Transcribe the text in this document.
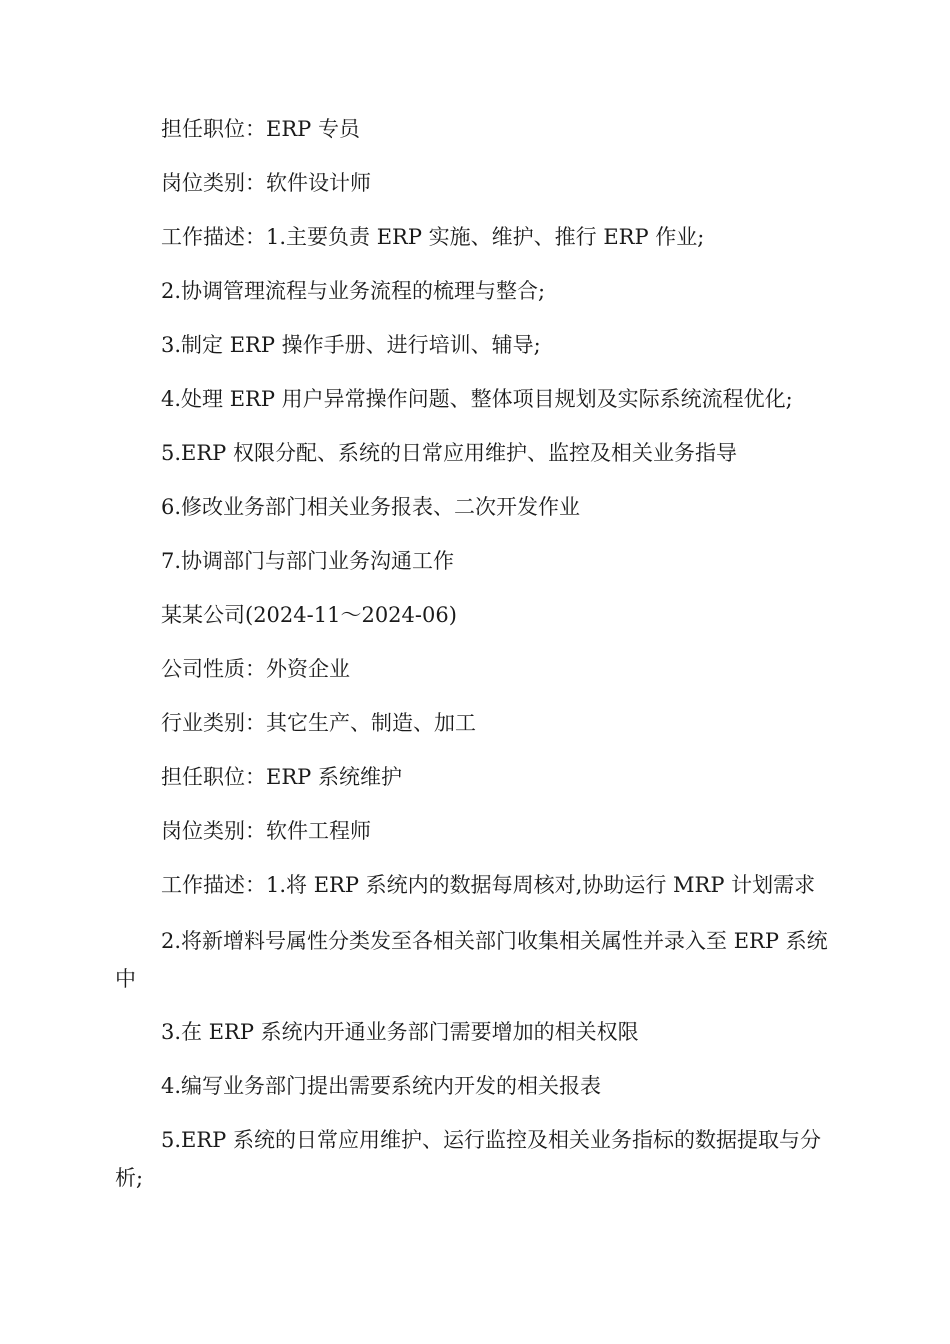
担任职位：ERP 专员

岗位类别：软件设计师

工作描述：1.主要负责 ERP 实施、维护、推行 ERP 作业;

2.协调管理流程与业务流程的梳理与整合;

3.制定 ERP 操作手册、进行培训、辅导;

4.处理 ERP 用户异常操作问题、整体项目规划及实际系统流程优化;

5.ERP 权限分配、系统的日常应用维护、监控及相关业务指导

6.修改业务部门相关业务报表、二次开发作业

7.协调部门与部门业务沟通工作

某某公司(2024-11～2024-06)

公司性质：外资企业

行业类别：其它生产、制造、加工

担任职位：ERP 系统维护

岗位类别：软件工程师

工作描述：1.将 ERP 系统内的数据每周核对,协助运行 MRP 计划需求

2.将新增料号属性分类发至各相关部门收集相关属性并录入至 ERP 系统中

3.在 ERP 系统内开通业务部门需要增加的相关权限

4.编写业务部门提出需要系统内开发的相关报表

5.ERP 系统的日常应用维护、运行监控及相关业务指标的数据提取与分析;
